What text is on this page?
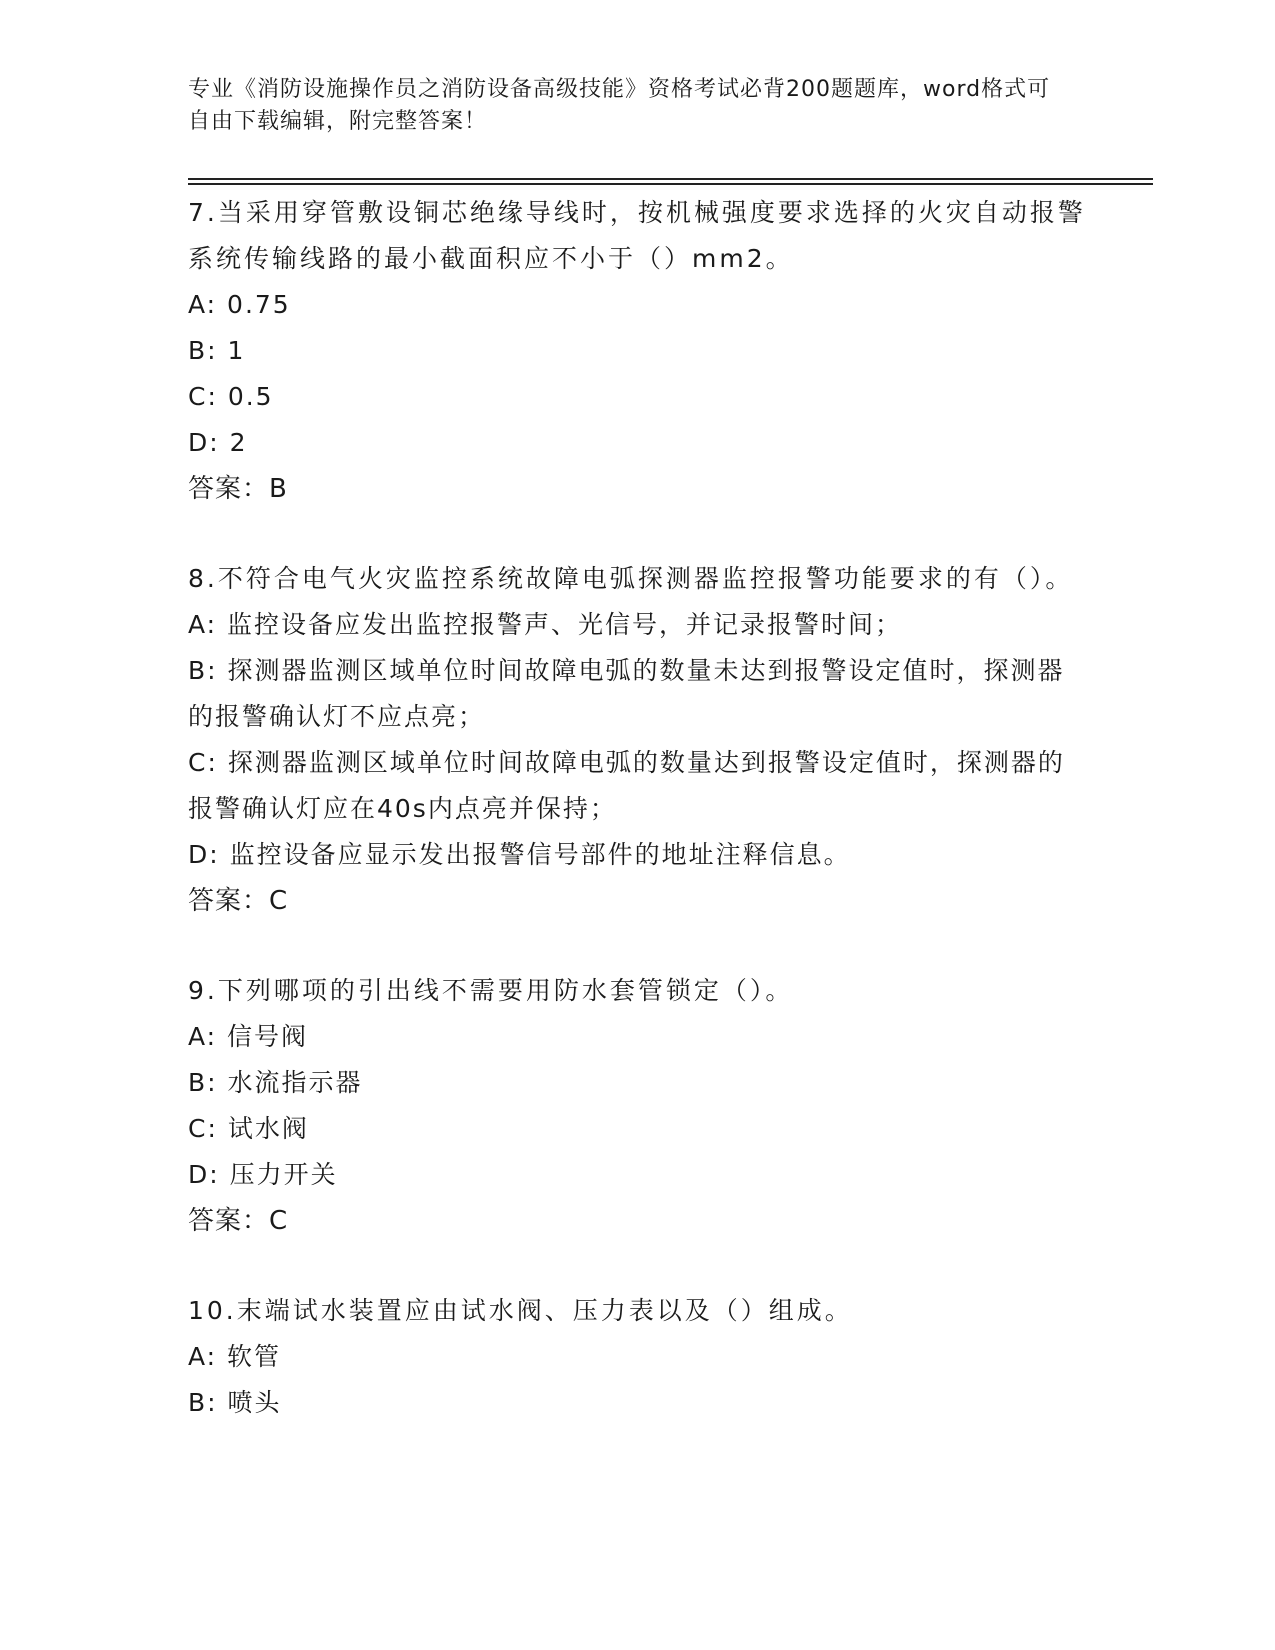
专业《消防设施操作员之消防设备高级技能》资格考试必背200题题库，word格式可自由下载编辑，附完整答案！
7.当采用穿管敷设铜芯绝缘导线时，按机械强度要求选择的火灾自动报警系统传输线路的最小截面积应不小于（）mm2。
A: 0.75
B: 1
C: 0.5
D: 2
答案：B
8.不符合电气火灾监控系统故障电弧探测器监控报警功能要求的有（）。
A: 监控设备应发出监控报警声、光信号，并记录报警时间；
B: 探测器监测区域单位时间故障电弧的数量未达到报警设定值时，探测器的报警确认灯不应点亮；
C: 探测器监测区域单位时间故障电弧的数量达到报警设定值时，探测器的报警确认灯应在40s内点亮并保持；
D: 监控设备应显示发出报警信号部件的地址注释信息。
答案：C
9.下列哪项的引出线不需要用防水套管锁定（）。
A: 信号阀
B: 水流指示器
C: 试水阀
D: 压力开关
答案：C
10.末端试水装置应由试水阀、压力表以及（）组成。
A: 软管
B: 喷头
